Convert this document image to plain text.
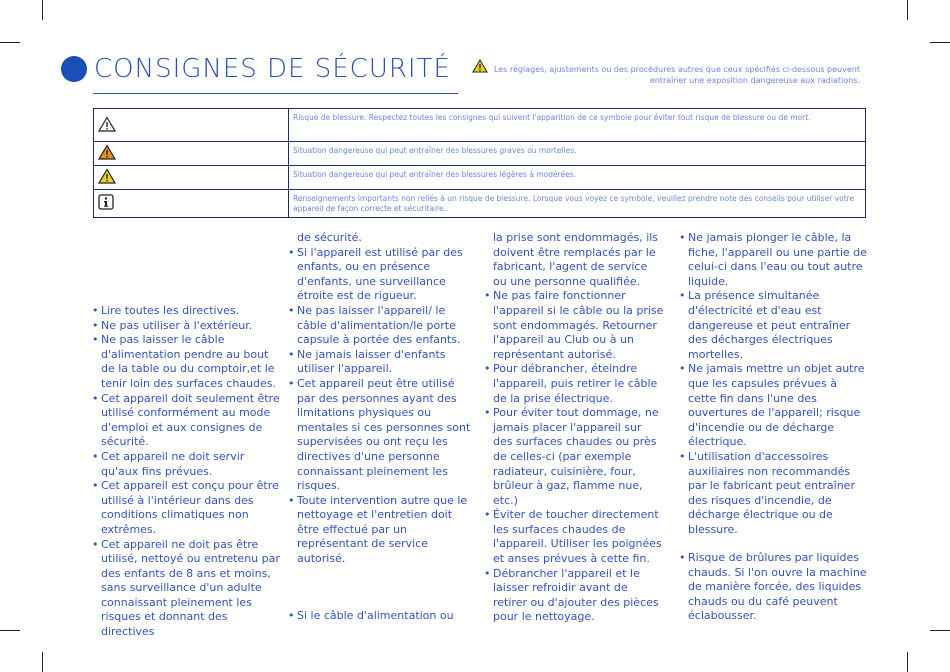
CONSIGNES DE SÉCURITÉ	Les réglages, ajustements ou des procédures autres que ceux spécifiés ci-dessous peuvent entraîner une exposition dangereuse aux radiations.
	Risque de blessure. Respectez toutes les consignes qui suivent l'apparition de ce symbole pour éviter tout risque de blessure ou de mort.
	Situation dangereuse qui peut entraîner des blessures graves ou mortelles.
	Situation dangereuse qui peut entraîner des blessures légères à modérées.
	Renseignements importants non reliés à un risque de blessure. Lorsque vous voyez ce symbole, veuillez prendre note des conseils pour utiliser votre appareil de façon correcte et sécuritaire.
• Lire toutes les directives.
• Ne pas utiliser à l'extérieur.
• Ne pas laisser le câble d'alimentation pendre au bout de la table ou du comptoir,et le tenir loin des surfaces chaudes.
• Cet appareil doit seulement être utilisé conformément au mode d'emploi et aux consignes de sécurité.
• Cet appareil ne doit servir qu'aux fins prévues.
• Cet appareil est conçu pour être utilisé à l'intérieur dans des conditions climatiques non extrêmes.
• Cet appareil ne doit pas être utilisé, nettoyé ou entretenu par des enfants de 8 ans et moins, sans surveillance d'un adulte connaissant pleinement les risques et donnant des directives
de sécurité.
• Si l'appareil est utilisé par des enfants, ou en présence d'enfants, une surveillance étroite est de rigueur.
• Ne pas laisser l'appareil/ le câble d'alimentation/le porte capsule à portée des enfants.
• Ne jamais laisser d'enfants utiliser l'appareil.
• Cet appareil peut être utilisé par des personnes ayant des limitations physiques ou mentales si ces personnes sont supervisées ou ont reçu les directives d'une personne connaissant pleinement les risques.
• Toute intervention autre que le nettoyage et l'entretien doit être effectué par un représentant de service autorisé.
• Si le câble d'alimentation ou
la prise sont endommagés, ils doivent être remplacés par le fabricant, l'agent de service ou une personne qualifiée.
• Ne pas faire fonctionner l'appareil si le câble ou la prise sont endommagés. Retourner l'appareil au Club ou à un représentant autorisé.
• Pour débrancher, éteindre l'appareil, puis retirer le câble de la prise électrique.
• Pour éviter tout dommage, ne jamais placer l'appareil sur des surfaces chaudes ou près de celles-ci (par exemple radiateur, cuisinière, four, brûleur à gaz, flamme nue, etc.)
• Éviter de toucher directement les surfaces chaudes de l'appareil. Utiliser les poignées et anses prévues à cette fin.
• Débrancher l'appareil et le laisser refroidir avant de retirer ou d'ajouter des pièces pour le nettoyage.
• Ne jamais plonger le câble, la fiche, l'appareil ou une partie de celui-ci dans l'eau ou tout autre liquide.
• La présence simultanée d'électricité et d'eau est dangereuse et peut entraîner des décharges électriques mortelles.
• Ne jamais mettre un objet autre que les capsules prévues à cette fin dans l'une des ouvertures de l'appareil; risque d'incendie ou de décharge électrique.
• L'utilisation d'accessoires auxiliaires non recommandés par le fabricant peut entraîner des risques d'incendie, de décharge électrique ou de blessure.
• Risque de brûlures par liquides chauds. Si l'on ouvre la machine de manière forcée, des liquides chauds ou du café peuvent éclabousser.
